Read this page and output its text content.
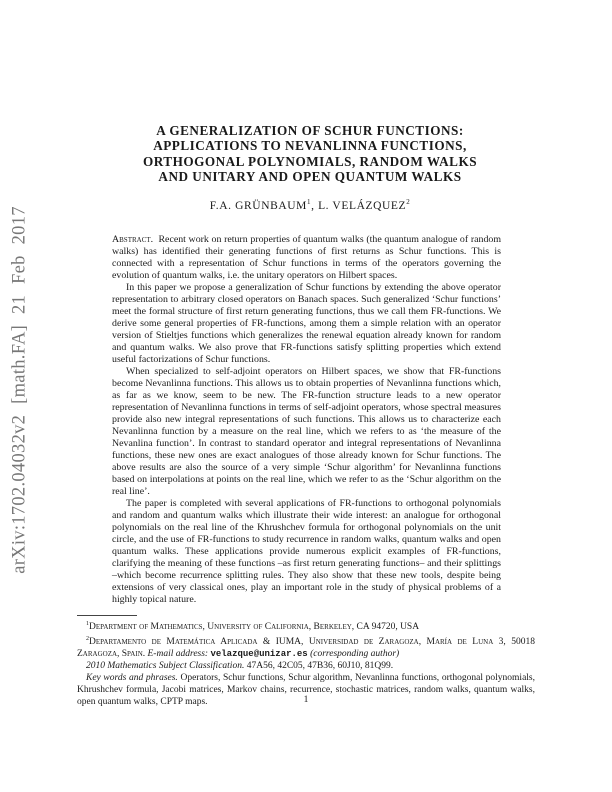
arXiv:1702.04032v2 [math.FA] 21 Feb 2017
A GENERALIZATION OF SCHUR FUNCTIONS:
APPLICATIONS TO NEVANLINNA FUNCTIONS,
ORTHOGONAL POLYNOMIALS, RANDOM WALKS
AND UNITARY AND OPEN QUANTUM WALKS
F.A. GRÜNBAUM$^1$, L. VELÁZQUEZ$^2$

Abstract. Recent work on return properties of quantum walks (the quantum analogue of random walks) has identified their generating functions of first returns as Schur functions. This is connected with a representation of Schur functions in terms of the operators governing the evolution of quantum walks, i.e. the unitary operators on Hilbert spaces.

In this paper we propose a generalization of Schur functions by extending the above operator representation to arbitrary closed operators on Banach spaces. Such generalized ‘Schur functions’ meet the formal structure of first return generating functions, thus we call them FR-functions. We derive some general properties of FR-functions, among them a simple relation with an operator version of Stieltjes functions which generalizes the renewal equation already known for random and quantum walks. We also prove that FR-functions satisfy splitting properties which extend useful factorizations of Schur functions.

When specialized to self-adjoint operators on Hilbert spaces, we show that FR-functions become Nevanlinna functions. This allows us to obtain properties of Nevanlinna functions which, as far as we know, seem to be new. The FR-function structure leads to a new operator representation of Nevanlinna functions in terms of self-adjoint operators, whose spectral measures provide also new integral representations of such functions. This allows us to characterize each Nevanlinna function by a measure on the real line, which we refers to as ‘the measure of the Nevanlina function’. In contrast to standard operator and integral representations of Nevanlinna functions, these new ones are exact analogues of those already known for Schur functions. The above results are also the source of a very simple ‘Schur algorithm’ for Nevanlinna functions based on interpolations at points on the real line, which we refer to as the ‘Schur algorithm on the real line’.

The paper is completed with several applications of FR-functions to orthogonal polynomials and random and quantum walks which illustrate their wide interest: an analogue for orthogonal polynomials on the real line of the Khrushchev formula for orthogonal polynomials on the unit circle, and the use of FR-functions to study recurrence in random walks, quantum walks and open quantum walks. These applications provide numerous explicit examples of FR-functions, clarifying the meaning of these functions –as first return generating functions– and their splittings –which become recurrence splitting rules. They also show that these new tools, despite being extensions of very classical ones, play an important role in the study of physical problems of a highly topical nature.

$^1$Department of Mathematics, University of California, Berkeley, CA 94720, USA

$^2$Departamento de Matemática Aplicada & IUMA, Universidad de Zaragoza, María de Luna 3, 50018 Zaragoza, Spain. E-mail address: velazque@unizar.es (corresponding author)

2010 Mathematics Subject Classification. 47A56, 42C05, 47B36, 60J10, 81Q99.

Key words and phrases. Operators, Schur functions, Schur algorithm, Nevanlinna functions, orthogonal polynomials, Khrushchev formula, Jacobi matrices, Markov chains, recurrence, stochastic matrices, random walks, quantum walks, open quantum walks, CPTP maps.	1
